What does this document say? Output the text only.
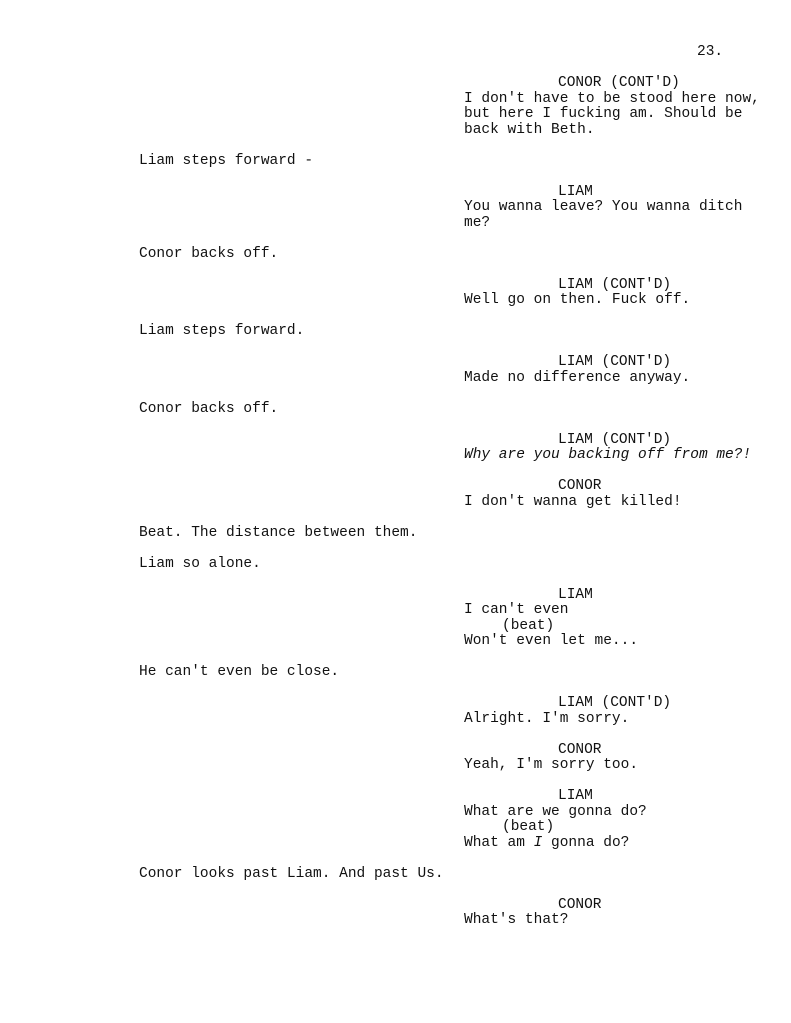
23.
CONOR (CONT'D)
I don't have to be stood here now,
but here I fucking am. Should be
back with Beth.
Liam steps forward -
LIAM
You wanna leave? You wanna ditch
me?
Conor backs off.
LIAM (CONT'D)
Well go on then. Fuck off.
Liam steps forward.
LIAM (CONT'D)
Made no difference anyway.
Conor backs off.
LIAM (CONT'D)
Why are you backing off from me?!
CONOR
I don't wanna get killed!
Beat. The distance between them.
Liam so alone.
LIAM
I can't even
(beat)
Won't even let me...
He can't even be close.
LIAM (CONT'D)
Alright. I'm sorry.
CONOR
Yeah, I'm sorry too.
LIAM
What are we gonna do?
(beat)
What am I gonna do?
Conor looks past Liam. And past Us.
CONOR
What's that?
